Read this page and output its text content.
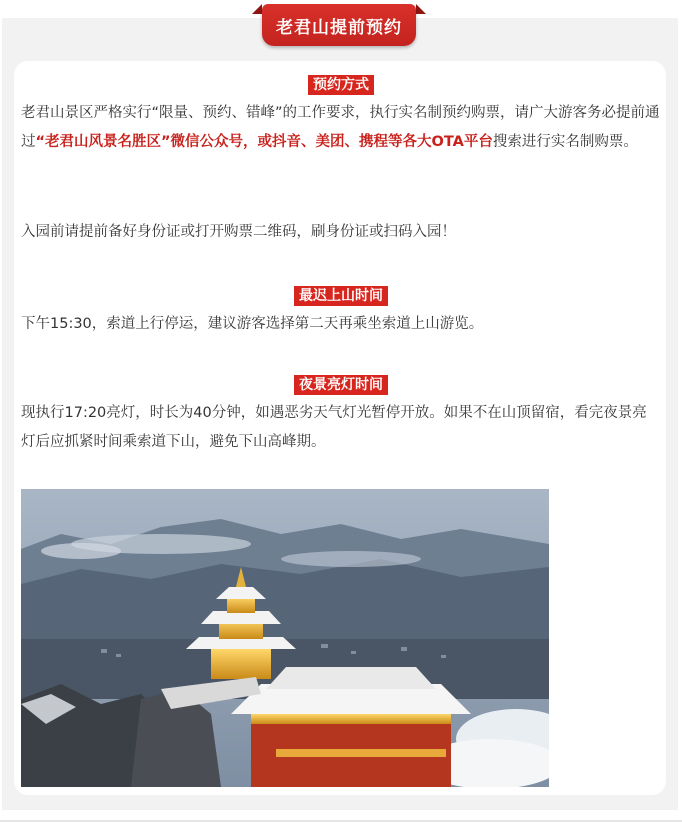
老君山提前预约
预约方式
老君山景区严格实行“限量、预约、错峰”的工作要求，执行实名制预约购票，请广大游客务必提前通过“老君山风景名胜区”微信公众号，或抖音、美团、携程等各大OTA平台搜索进行实名制购票。
入园前请提前备好身份证或打开购票二维码，刷身份证或扫码入园！
最迟上山时间
下午15:30，索道上行停运，建议游客选择第二天再乘坐索道上山游览。
夜景亮灯时间
现执行17:20亮灯，时长为40分钟，如遇恶劣天气灯光暂停开放。如果不在山顶留宿，看完夜景亮灯后应抓紧时间乘索道下山，避免下山高峰期。
